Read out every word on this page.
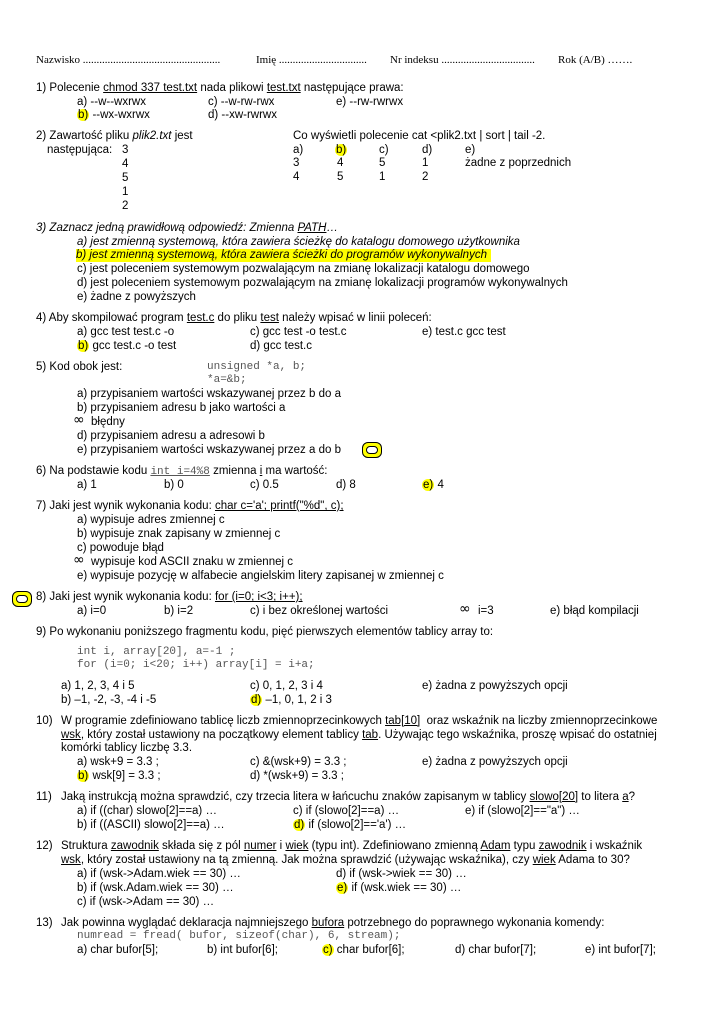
Nazwisko ..................................................	Imię ................................ Nr indeksu .................................. Rok (A/B) …….
1) Polecenie chmod 337 test.txt nada plikowi test.txt następujące prawa:
a) --w--wxrwx	c) --w-rw-rwx	e) --rw-rwrwx
b) --wx-wxrwx	d) --xw-rwrwx
2) Zawartość pliku plik2.txt jest
następująca: 3
4
5
1
2
Co wyświetli polecenie cat <plik2.txt | sort | tail -2.
a)	b)	c)	d)	e)
3	4	5	1	żadne z poprzednich
4	5	1	2
3) Zaznacz jedną prawidłową odpowiedź: Zmienna PATH…
a) jest zmienną systemową, która zawiera ścieżkę do katalogu domowego użytkownika
b) jest zmienną systemową, która zawiera ścieżki do programów wykonywalnych
c) jest poleceniem systemowym pozwalającym na zmianę lokalizacji katalogu domowego
d) jest poleceniem systemowym pozwalającym na zmianę lokalizacji programów wykonywalnych
e) żadne z powyższych
4) Aby skompilować program test.c do pliku test należy wpisać w linii poleceń:
a) gcc test test.c -o	c) gcc test -o test.c	e) test.c gcc test
b) gcc test.c -o test	d) gcc test.c
5) Kod obok jest:	unsigned *a, b;
*a=&b;
a) przypisaniem wartości wskazywanej przez b do a
b) przypisaniem adresu b jako wartości a
∞ błędny
d) przypisaniem adresu a adresowi b
e) przypisaniem wartości wskazywanej przez a do b
6) Na podstawie kodu int i=4%8 zmienna i ma wartość:
a) 1	b) 0	c) 0.5	d) 8	e) 4
7) Jaki jest wynik wykonania kodu: char c='a'; printf("%d", c);
a) wypisuje adres zmiennej c
b) wypisuje znak zapisany w zmiennej c
c) powoduje błąd
∞ wypisuje kod ASCII znaku w zmiennej c
e) wypisuje pozycję w alfabecie angielskim litery zapisanej w zmiennej c
8) Jaki jest wynik wykonania kodu: for (i=0; i<3; i++);
a) i=0	b) i=2	c) i bez określonej wartości	∞ i=3	e) błąd kompilacji
9) Po wykonaniu poniższego fragmentu kodu, pięć pierwszych elementów tablicy array to:
int i, array[20], a=-1 ;
for (i=0; i<20; i++) array[i] = i+a;
a) 1, 2, 3, 4 i 5	c) 0, 1, 2, 3 i 4	e) żadna z powyższych opcji
b) –1, -2, -3, -4 i -5	d) –1, 0, 1, 2 i 3
10) W programie zdefiniowano tablicę liczb zmiennoprzecinkowych tab[10] oraz wskaźnik na liczby zmiennoprzecinkowe
wsk, który został ustawiony na początkowy element tablicy tab. Używając tego wskaźnika, proszę wpisać do ostatniej
komórki tablicy liczbę 3.3.
a) wsk+9 = 3.3 ;	c) &(wsk+9) = 3.3 ;	e) żadna z powyższych opcji
b) wsk[9] = 3.3 ;	d) *(wsk+9) = 3.3 ;
11) Jaką instrukcją można sprawdzić, czy trzecia litera w łańcuchu znaków zapisanym w tablicy slowo[20] to litera a?
a) if ((char) slowo[2]==a) …	c) if (slowo[2]==a) …	e) if (slowo[2]=="a") …
b) if ((ASCII) slowo[2]==a) …	d) if (slowo[2]=='a') …
12) Struktura zawodnik składa się z pól numer i wiek (typu int). Zdefiniowano zmienną Adam typu zawodnik i wskaźnik
wsk, który został ustawiony na tą zmienną. Jak można sprawdzić (używając wskaźnika), czy wiek Adama to 30?
a) if (wsk->Adam.wiek == 30) …	d) if (wsk->wiek == 30) …
b) if (wsk.Adam.wiek == 30) …	e) if (wsk.wiek == 30) …
c) if (wsk->Adam == 30) …
13) Jak powinna wyglądać deklaracja najmniejszego bufora potrzebnego do poprawnego wykonania komendy:
numread = fread( bufor, sizeof(char), 6, stream);
a) char bufor[5];	b) int bufor[6];	c) char bufor[6];	d) char bufor[7];	e) int bufor[7];
